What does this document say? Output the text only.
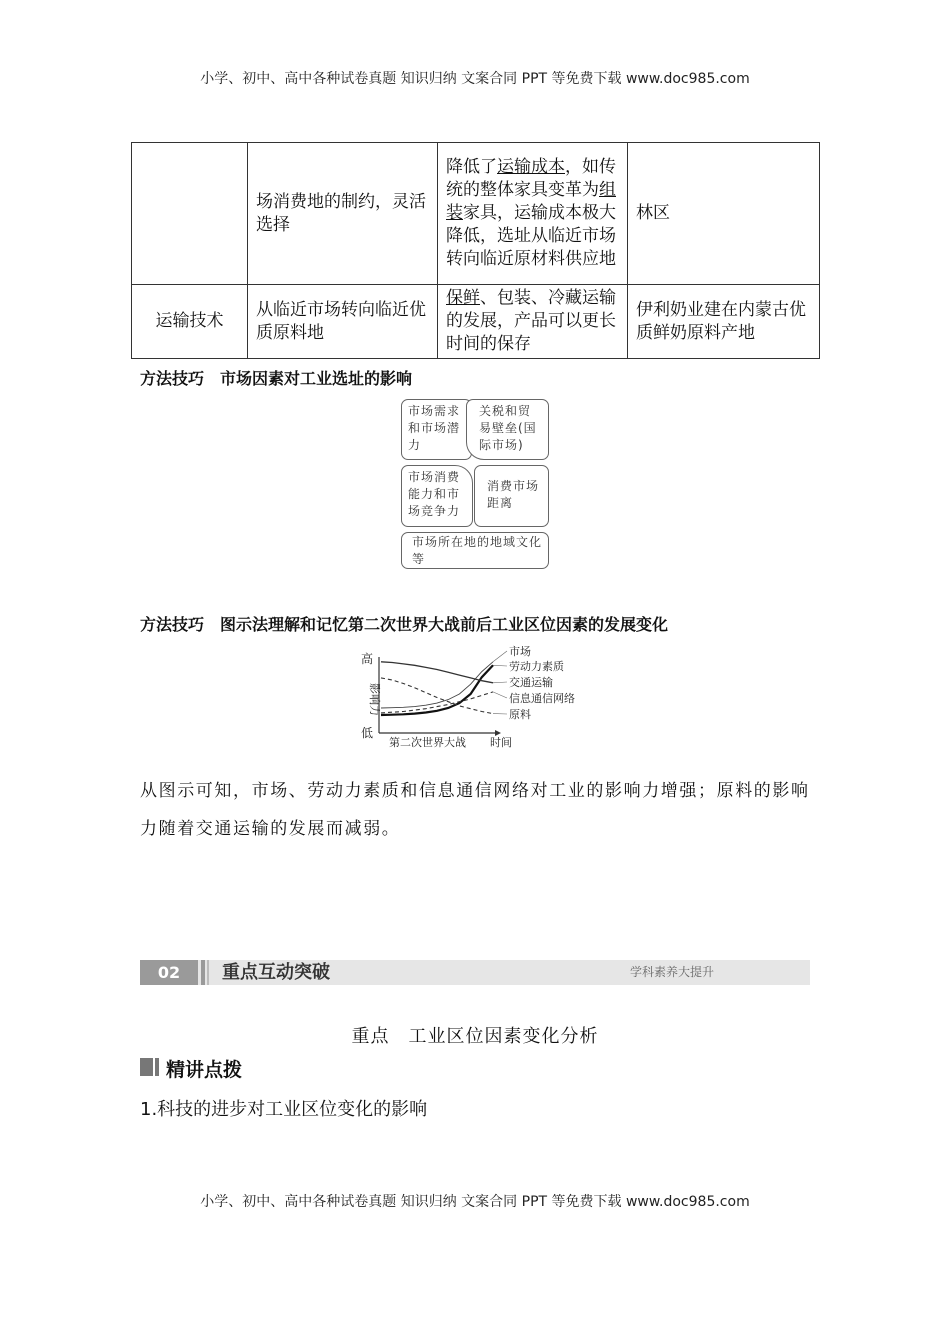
小学、初中、高中各种试卷真题 知识归纳 文案合同 PPT 等免费下载 www.doc985.com
	场消费地的制约，灵活选择	降低了运输成本，如传统的整体家具变革为组装家具，运输成本极大降低，选址从临近市场转向临近原材料供应地	林区
运输技术	从临近市场转向临近优质原料地	保鲜、包装、冷藏运输的发展，产品可以更长时间的保存	伊利奶业建在内蒙古优质鲜奶原料产地
方法技巧　市场因素对工业选址的影响
市场需求和市场潜力
关税和贸易壁垒(国际市场)
市场消费能力和市场竞争力
消费市场距离
市场所在地的地域文化等
方法技巧　图示法理解和记忆第二次世界大战前后工业区位因素的发展变化
高
低
影响力
第二次世界大战 时间
市场
劳动力素质
交通运输
信息通信网络
原料
从图示可知，市场、劳动力素质和信息通信网络对工业的影响力增强；原料的影响力随着交通运输的发展而减弱。
02	重点互动突破	学科素养大提升
重点　工业区位因素变化分析
精讲点拨
1.科技的进步对工业区位变化的影响
小学、初中、高中各种试卷真题 知识归纳 文案合同 PPT 等免费下载 www.doc985.com
